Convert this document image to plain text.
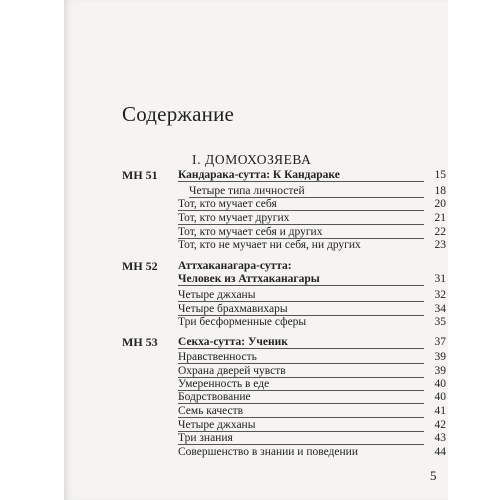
Содержание
I. ДОМОХОЗЯЕВА
MH 51 Кандарака-сутта: К Кандараке	15
Четыре типа личностей	18
Тот, кто мучает себя	20
Тот, кто мучает других	21
Тот, кто мучает себя и других	22
Тот, кто не мучает ни себя, ни других	23
MH 52 Аттхаканагара-сутта:
Человек из Аттхаканагары	31
Четыре джханы	32
Четыре брахмавихары	34
Три бесформенные сферы	35
MH 53 Секха-сутта: Ученик	37
Нравственность	39
Охрана дверей чувств	39
Умеренность в еде	40
Бодрствование	40
Семь качеств	41
Четыре джханы	42
Три знания	43
Совершенство в знании и поведении	44
5
